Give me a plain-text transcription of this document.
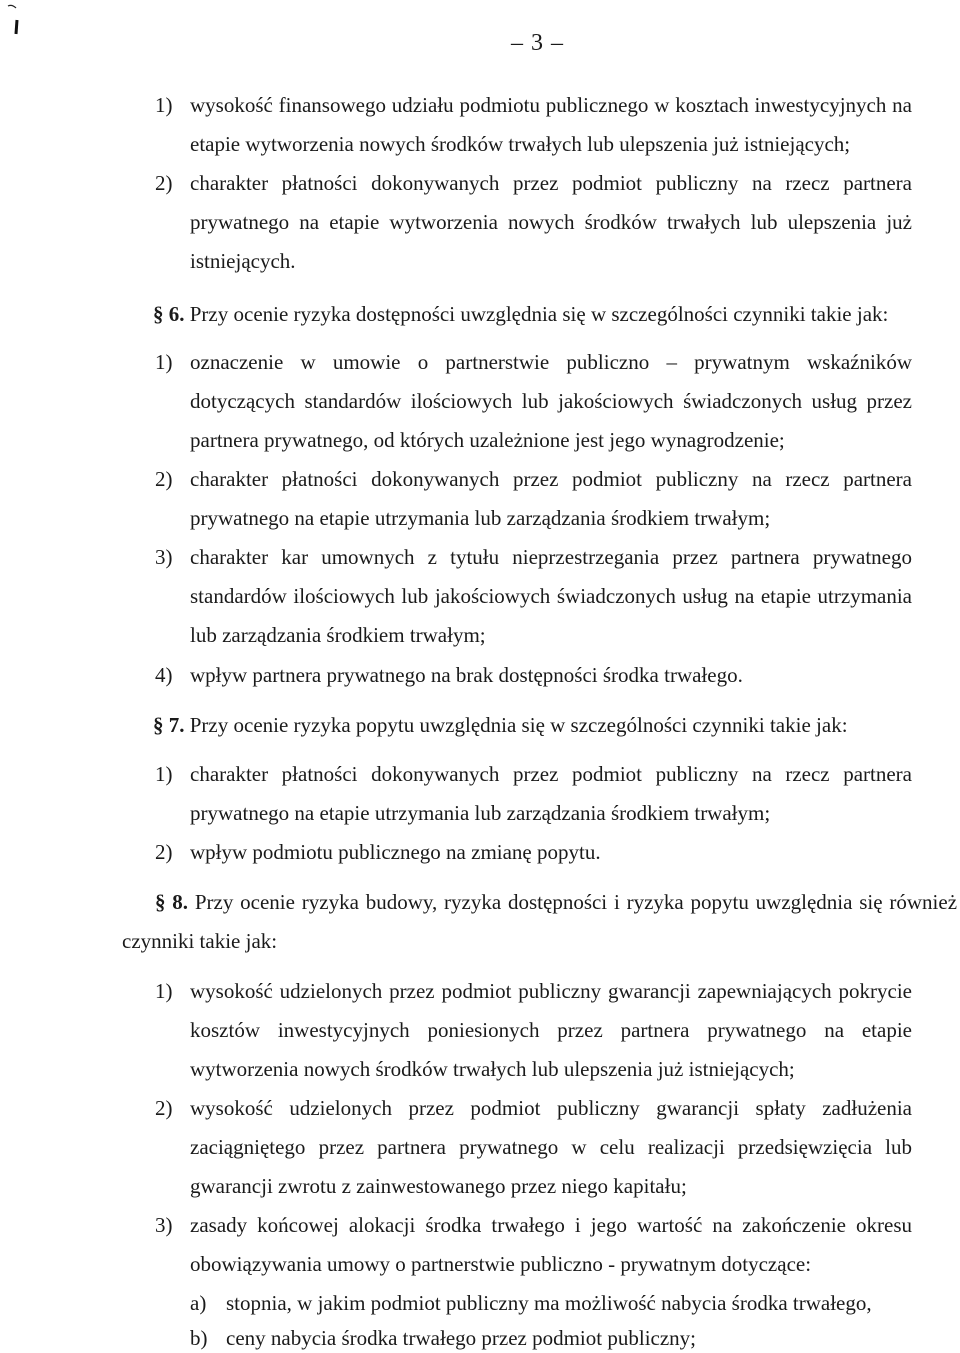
– 3 –
1) wysokość finansowego udziału podmiotu publicznego w kosztach inwestycyjnych na etapie wytworzenia nowych środków trwałych lub ulepszenia już istniejących;
2) charakter płatności dokonywanych przez podmiot publiczny na rzecz partnera prywatnego na etapie wytworzenia nowych środków trwałych lub ulepszenia już istniejących.
§ 6. Przy ocenie ryzyka dostępności uwzględnia się w szczególności czynniki takie jak:
1) oznaczenie w umowie o partnerstwie publiczno – prywatnym wskaźników dotyczących standardów ilościowych lub jakościowych świadczonych usług przez partnera prywatnego, od których uzależnione jest jego wynagrodzenie;
2) charakter płatności dokonywanych przez podmiot publiczny na rzecz partnera prywatnego na etapie utrzymania lub zarządzania środkiem trwałym;
3) charakter kar umownych z tytułu nieprzestrzegania przez partnera prywatnego standardów ilościowych lub jakościowych świadczonych usług na etapie utrzymania lub zarządzania środkiem trwałym;
4) wpływ partnera prywatnego na brak dostępności środka trwałego.
§ 7. Przy ocenie ryzyka popytu uwzględnia się w szczególności czynniki takie jak:
1) charakter płatności dokonywanych przez podmiot publiczny na rzecz partnera prywatnego na etapie utrzymania lub zarządzania środkiem trwałym;
2) wpływ podmiotu publicznego na zmianę popytu.
§ 8. Przy ocenie ryzyka budowy, ryzyka dostępności i ryzyka popytu uwzględnia się również czynniki takie jak:
1) wysokość udzielonych przez podmiot publiczny gwarancji zapewniających pokrycie kosztów inwestycyjnych poniesionych przez partnera prywatnego na etapie wytworzenia nowych środków trwałych lub ulepszenia już istniejących;
2) wysokość udzielonych przez podmiot publiczny gwarancji spłaty zadłużenia zaciągniętego przez partnera prywatnego w celu realizacji przedsięwzięcia lub gwarancji zwrotu z zainwestowanego przez niego kapitału;
3) zasady końcowej alokacji środka trwałego i jego wartość na zakończenie okresu obowiązywania umowy o partnerstwie publiczno - prywatnym dotyczące:
a) stopnia, w jakim podmiot publiczny ma możliwość nabycia środka trwałego,
b) ceny nabycia środka trwałego przez podmiot publiczny;
